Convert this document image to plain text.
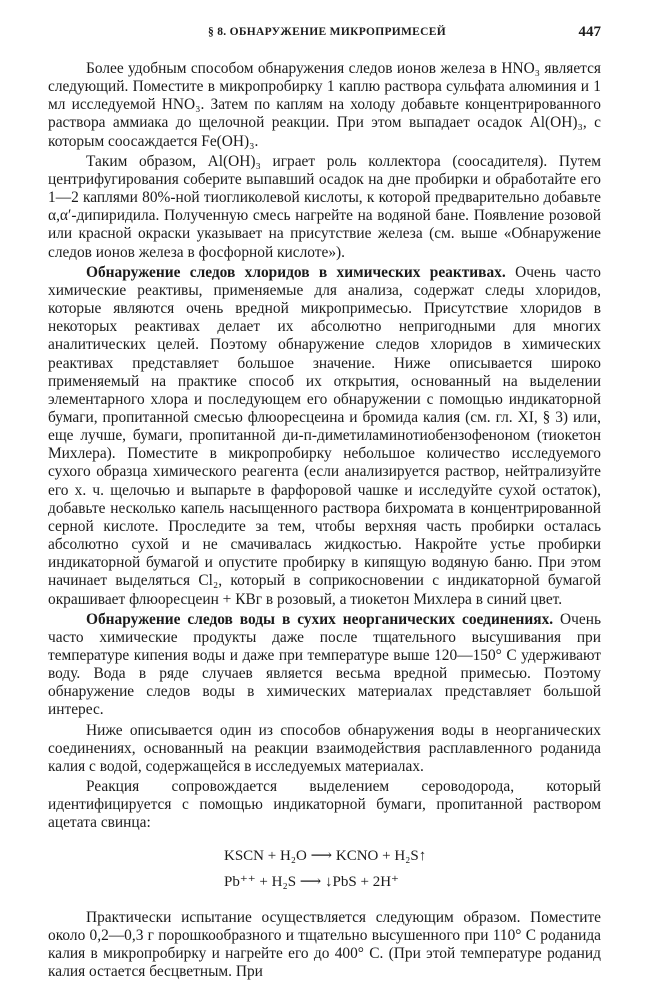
§ 8. ОБНАРУЖЕНИЕ МИКРОПРИМЕСЕЙ	447

Более удобным способом обнаружения следов ионов железа в HNO₃ является следующий. Поместите в микропробирку 1 каплю раствора сульфата алюминия и 1 мл исследуемой HNO₃. Затем по каплям на холоду добавьте концентрированного раствора аммиака до щелочной реакции. При этом выпадает осадок Al(OH)₃, с которым соосаждается Fe(OH)₃.

Таким образом, Al(OH)₃ играет роль коллектора (соосадителя). Путем центрифугирования соберите выпавший осадок на дне пробирки и обработайте его 1—2 каплями 80%-ной тиогликолевой кислоты, к которой предварительно добавьте α,α′-дипиридила. Полученную смесь нагрейте на водяной бане. Появление розовой или красной окраски указывает на присутствие железа (см. выше «Обнаружение следов ионов железа в фосфорной кислоте»).

Обнаружение следов хлоридов в химических реактивах. Очень часто химические реактивы, применяемые для анализа, содержат следы хлоридов, которые являются очень вредной микропримесью. Присутствие хлоридов в некоторых реактивах делает их абсолютно непригодными для многих аналитических целей. Поэтому обнаружение следов хлоридов в химических реактивах представляет большое значение. Ниже описывается широко применяемый на практике способ их открытия, основанный на выделении элементарного хлора и последующем его обнаружении с помощью индикаторной бумаги, пропитанной смесью флюоресцеина и бромида калия (см. гл. XI, § 3) или, еще лучше, бумаги, пропитанной ди-п-диметиламинотиобензофеноном (тиокетон Михлера). Поместите в микропробирку небольшое количество исследуемого сухого образца химического реагента (если анализируется раствор, нейтрализуйте его х. ч. щелочью и выпарьте в фарфоровой чашке и исследуйте сухой остаток), добавьте несколько капель насыщенного раствора бихромата в концентрированной серной кислоте. Проследите за тем, чтобы верхняя часть пробирки осталась абсолютно сухой и не смачивалась жидкостью. Накройте устье пробирки индикаторной бумагой и опустите пробирку в кипящую водяную баню. При этом начинает выделяться Cl₂, который в соприкосновении с индикаторной бумагой окрашивает флюоресцеин + КВг в розовый, а тиокетон Михлера в синий цвет.

Обнаружение следов воды в сухих неорганических соединениях. Очень часто химические продукты даже после тщательного высушивания при температуре кипения воды и даже при температуре выше 120—150° С удерживают воду. Вода в ряде случаев является весьма вредной примесью. Поэтому обнаружение следов воды в химических материалах представляет большой интерес.

Ниже описывается один из способов обнаружения воды в неорганических соединениях, основанный на реакции взаимодействия расплавленного роданида калия с водой, содержащейся в исследуемых материалах.

Реакция сопровождается выделением сероводорода, который идентифицируется с помощью индикаторной бумаги, пропитанной раствором ацетата свинца:

KSCN + H₂O ⟶ KCNO + H₂S↑
Pb⁺⁺ + H₂S ⟶ ↓PbS + 2H⁺

Практически испытание осуществляется следующим образом. Поместите около 0,2—0,3 г порошкообразного и тщательно высушенного при 110° С роданида калия в микропробирку и нагрейте его до 400° С. (При этой температуре роданид калия остается бесцветным. При
